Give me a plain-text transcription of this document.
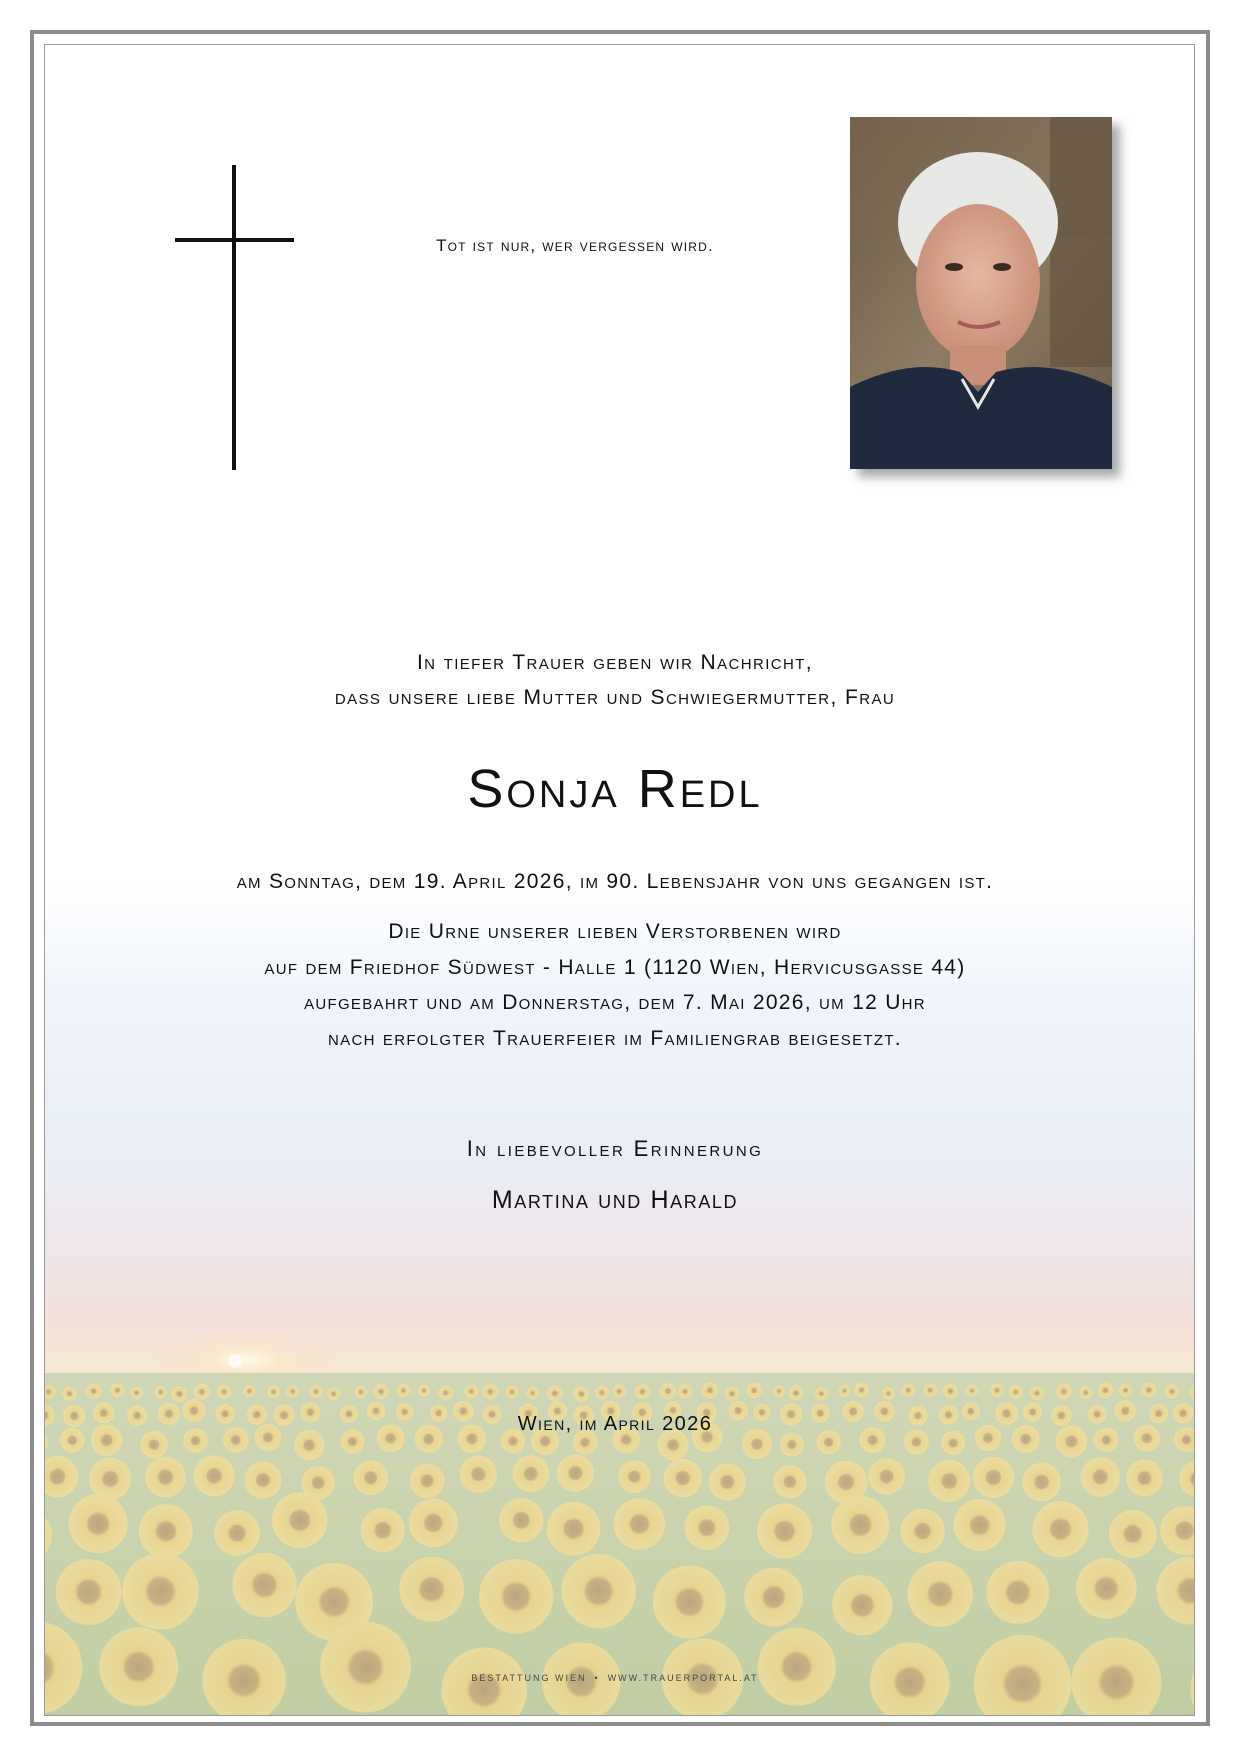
Tot ist nur, wer vergessen wird.
In tiefer Trauer geben wir Nachricht,
dass unsere liebe Mutter und Schwiegermutter, Frau
Sonja Redl
am Sonntag, dem 19. April 2026, im 90. Lebensjahr von uns gegangen ist.
Die Urne unserer lieben Verstorbenen wird
auf dem Friedhof Südwest - Halle 1 (1120 Wien, Hervicusgasse 44)
aufgebahrt und am Donnerstag, dem 7. Mai 2026, um 12 Uhr
nach erfolgter Trauerfeier im Familiengrab beigesetzt.
In liebevoller Erinnerung
Martina und Harald
Wien, im April 2026
BESTATTUNG WIEN • WWW.TRAUERPORTAL.AT
